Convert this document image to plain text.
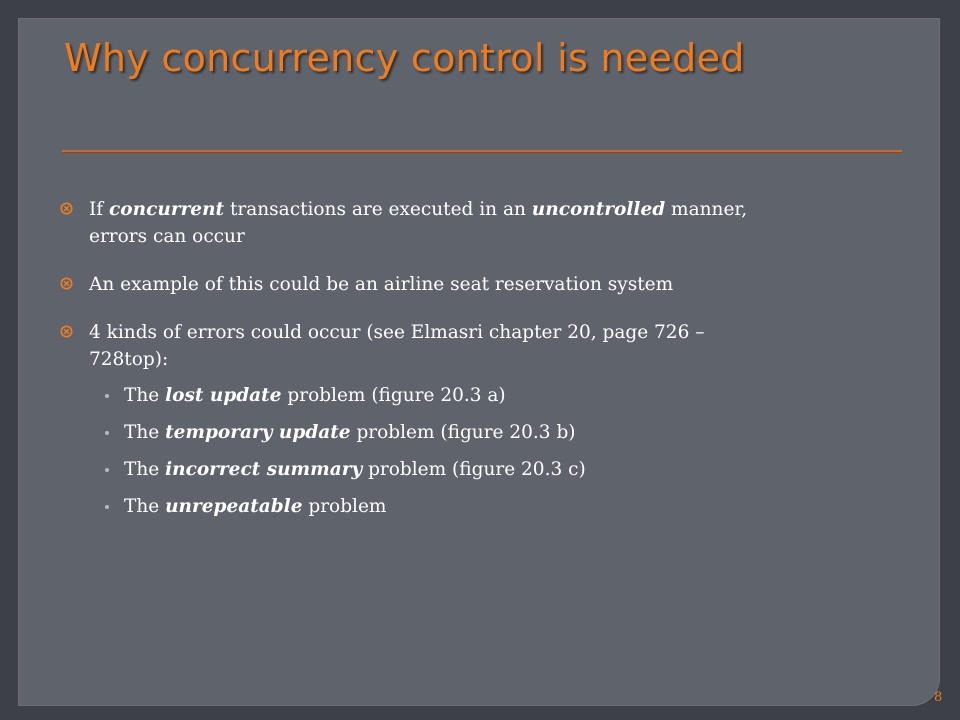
Why concurrency control is needed
If concurrent transactions are executed in an uncontrolled manner,
errors can occur
An example of this could be an airline seat reservation system
4 kinds of errors could occur (see Elmasri chapter 20, page 726 –
728top):
The lost update problem (figure 20.3 a)
The temporary update problem (figure 20.3 b)
The incorrect summary problem (figure 20.3 c)
The unrepeatable problem
8
